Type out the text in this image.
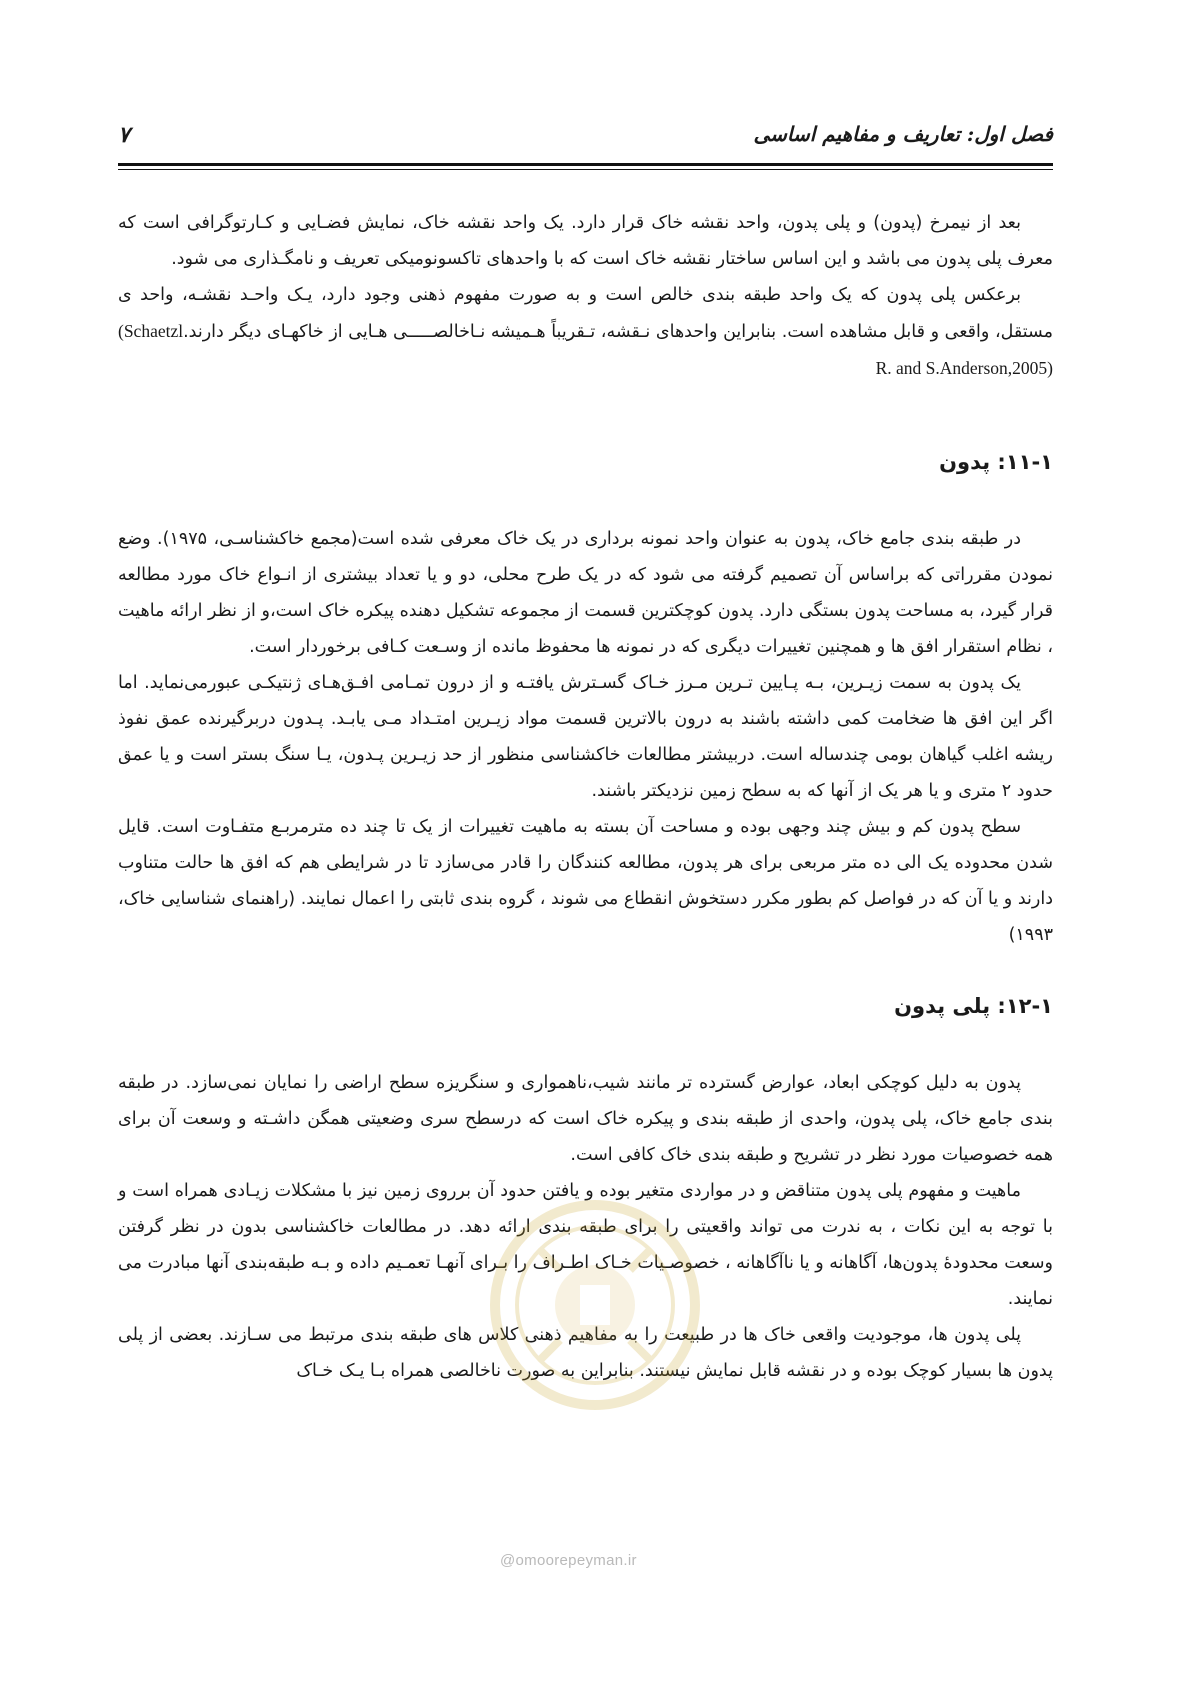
فصل اول: تعاریف و مفاهیم اساسی
۷

بعد از نیمرخ (پدون) و پلی پدون، واحد نقشه خاک قرار دارد. یک واحد نقشه خاک، نمایش فضـایی و کـارتوگرافی است که معرف پلی پدون می باشد و این اساس ساختار نقشه خاک است که با واحدهای تاکسونومیکی تعریف و نامگـذاری می شود.

برعکس پلی پدون که یک واحد طبقه بندی خالص است و به صورت مفهوم ذهنی وجود دارد، یـک واحـد نقشـه، واحد ی مستقل، واقعی و قابل مشاهده است. بنابراین واحدهای نـقشه، تـقریباً هـمیشه نـاخالصـــــی هـایی از خاکهـای دیگر دارند.(Schaetzl R. and S.Anderson,2005)

۱۱-۱: پدون

در طبقه بندی جامع خاک، پدون به عنوان واحد نمونه برداری در یک خاک معرفی شده است(مجمع خاکشناسـی، ۱۹۷۵). وضع نمودن مقرراتی که براساس آن تصمیم گرفته می شود که در یک طرح محلی، دو و یا تعداد بیشتری از انـواع خاک مورد مطالعه قرار گیرد، به مساحت پدون بستگی دارد. پدون کوچکترین قسمت از مجموعه تشکیل دهنده پیکره خاک است،و از نظر ارائه ماهیت ، نظام استقرار افق ها و همچنین تغییرات دیگری که در نمونه ها محفوظ مانده از وسـعت کـافی برخوردار است.

یک پدون به سمت زیـرین، بـه پـایین تـرین مـرز خـاک گسـترش یافتـه و از درون تمـامی افـق‌هـای ژنتیکـی عبورمی‌نماید. اما اگر این افق ها ضخامت کمی داشته باشند به درون بالاترین قسمت مواد زیـرین امتـداد مـی یابـد. پـدون دربرگیرنده عمق نفوذ ریشه اغلب گیاهان بومی چندساله است. دربیشتر مطالعات خاکشناسی منظور از حد زیـرین پـدون، یـا سنگ بستر است و یا عمق حدود ۲ متری و یا هر یک از آنها که به سطح زمین نزدیکتر باشند.

سطح پدون کم و بیش چند وجهی بوده و مساحت آن بسته به ماهیت تغییرات از یک تا چند ده مترمربـع متفـاوت است. قایل شدن محدوده یک الی ده متر مربعی برای هر پدون، مطالعه کنندگان را قادر می‌سازد تا در شرایطی هم که افق ها حالت متناوب دارند و یا آن که در فواصل کم بطور مکرر دستخوش انقطاع می شوند ، گروه بندی ثابتی را اعمال نمایند. (راهنمای شناسایی خاک، ۱۹۹۳)

۱۲-۱: پلی پدون

پدون به دلیل کوچکی ابعاد، عوارض گسترده تر مانند شیب،ناهمواری و سنگریزه سطح اراضی را نمایان نمی‌سازد. در طبقه بندی جامع خاک، پلی پدون، واحدی از طبقه بندی و پیکره خاک است که درسطح سری وضعیتی همگن داشـته و وسعت آن برای همه خصوصیات مورد نظر در تشریح و طبقه بندی خاک کافی است.

ماهیت و مفهوم پلی پدون متناقض و در مواردی متغیر بوده و یافتن حدود آن برروی زمین نیز با مشکلات زیـادی همراه است و با توجه به این نکات ، به ندرت می تواند واقعیتی را برای طبقه بندی ارائه دهد. در مطالعات خاکشناسی بدون در نظر گرفتن وسعت محدودهٔ پدون‌ها، آگاهانه و یا ناآگاهانه ، خصوصـیات خـاک اطـراف را بـرای آنهـا تعمـیم داده و بـه طبقه‌بندی آنها مبادرت می نمایند.

پلی پدون ها، موجودیت واقعی خاک ها در طبیعت را به مفاهیم ذهنی کلاس های طبقه بندی مرتبط می سـازند. بعضی از پلی پدون ها بسیار کوچک بوده و در نقشه قابل نمایش نیستند. بنابراین به صورت ناخالصی همراه بـا یـک خـاک

@omoorepeyman.ir
